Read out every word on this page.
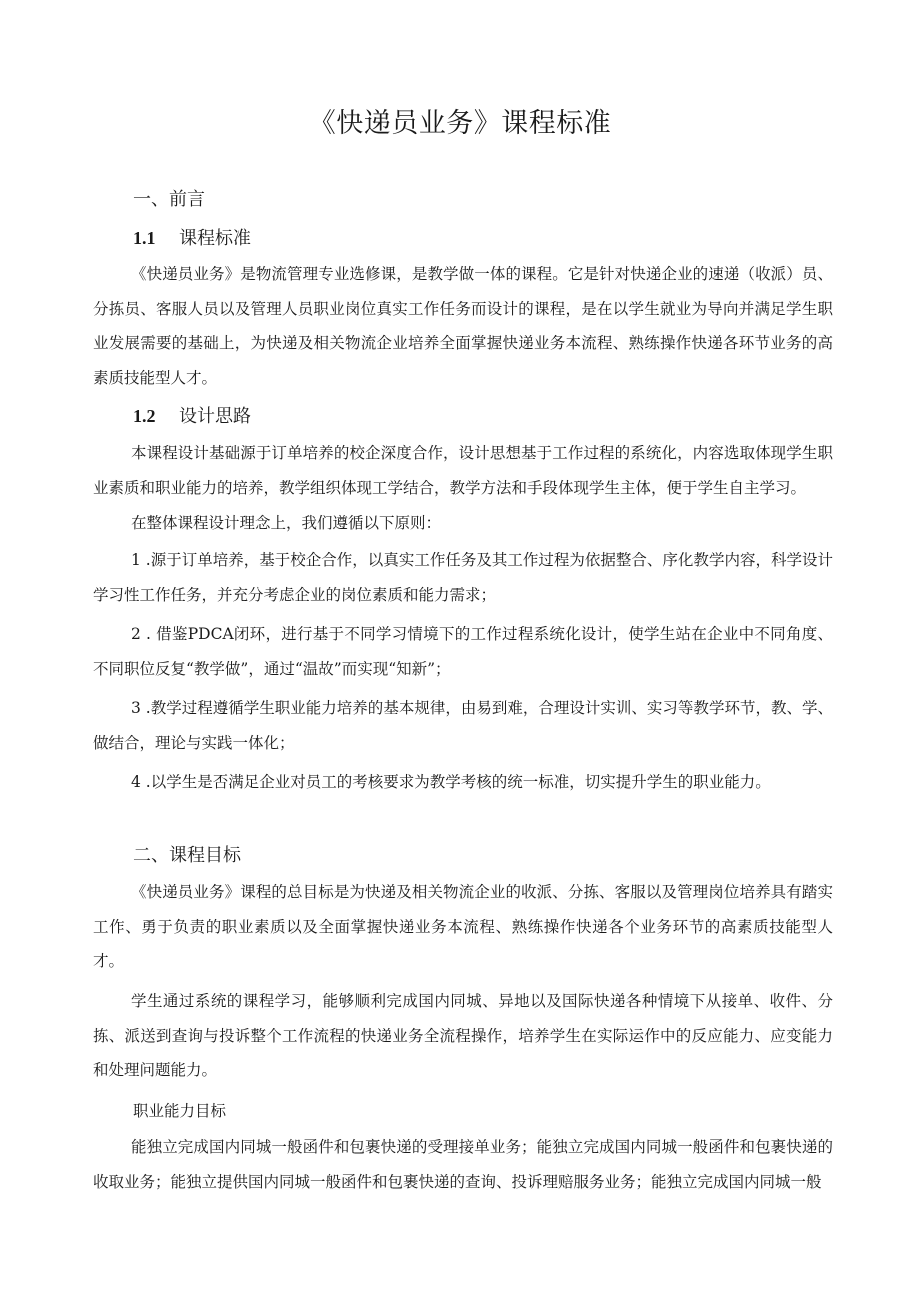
《快递员业务》课程标准
一、前言
1.1 课程标准
《快递员业务》是物流管理专业选修课，是教学做一体的课程。它是针对快递企业的速递（收派）员、分拣员、客服人员以及管理人员职业岗位真实工作任务而设计的课程，是在以学生就业为导向并满足学生职业发展需要的基础上，为快递及相关物流企业培养全面掌握快递业务本流程、熟练操作快递各环节业务的高素质技能型人才。
1.2 设计思路
本课程设计基础源于订单培养的校企深度合作，设计思想基于工作过程的系统化，内容选取体现学生职业素质和职业能力的培养，教学组织体现工学结合，教学方法和手段体现学生主体，便于学生自主学习。
在整体课程设计理念上，我们遵循以下原则：
1 .源于订单培养，基于校企合作，以真实工作任务及其工作过程为依据整合、序化教学内容，科学设计学习性工作任务，并充分考虑企业的岗位素质和能力需求；
2 . 借鉴PDCA闭环，进行基于不同学习情境下的工作过程系统化设计，使学生站在企业中不同角度、不同职位反复“教学做”，通过“温故”而实现“知新”；
3 .教学过程遵循学生职业能力培养的基本规律，由易到难，合理设计实训、实习等教学环节，教、学、做结合，理论与实践一体化；
4 .以学生是否满足企业对员工的考核要求为教学考核的统一标准，切实提升学生的职业能力。
二、课程目标
《快递员业务》课程的总目标是为快递及相关物流企业的收派、分拣、客服以及管理岗位培养具有踏实工作、勇于负责的职业素质以及全面掌握快递业务本流程、熟练操作快递各个业务环节的高素质技能型人才。
学生通过系统的课程学习，能够顺利完成国内同城、异地以及国际快递各种情境下从接单、收件、分拣、派送到查询与投诉整个工作流程的快递业务全流程操作，培养学生在实际运作中的反应能力、应变能力和处理问题能力。
职业能力目标
能独立完成国内同城一般函件和包裹快递的受理接单业务；能独立完成国内同城一般函件和包裹快递的收取业务；能独立提供国内同城一般函件和包裹快递的查询、投诉理赔服务业务；能独立完成国内同城一般
